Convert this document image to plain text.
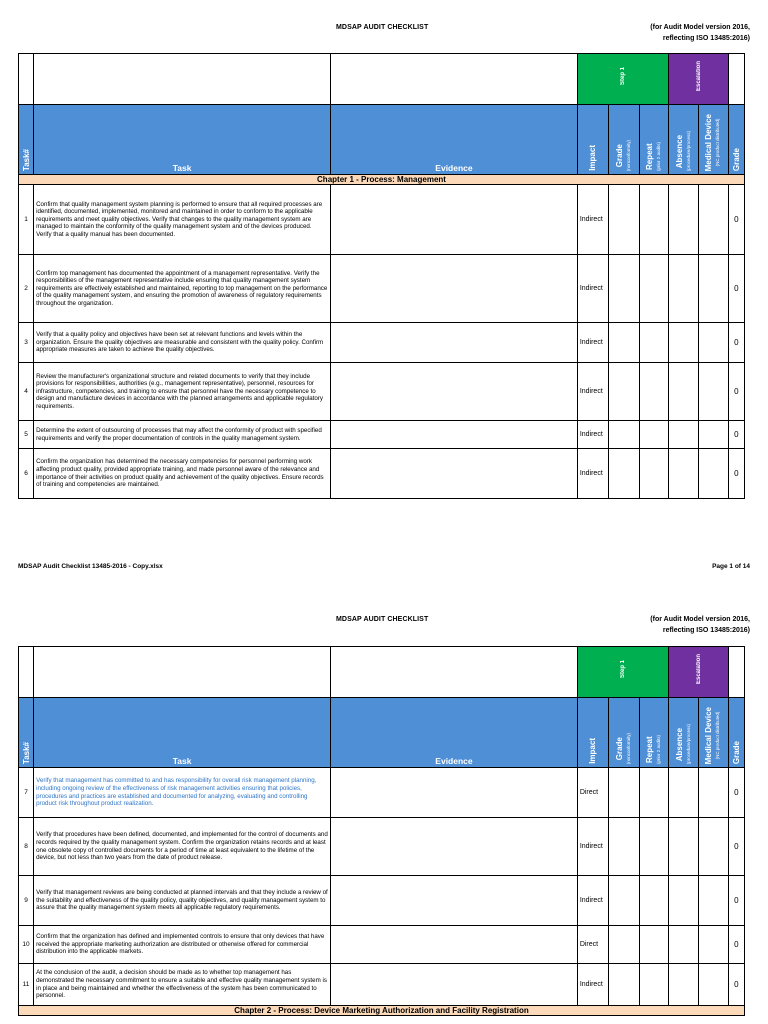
MDSAP AUDIT CHECKLIST	(for Audit Model version 2016,
reflecting ISO 13485:2016)
			Step 1			Escalation		
Task#	Task	Evidence	Impact	Grade (nonconformity)	Repeat (prior 2 audits)	Absence (procedure/process)	Medical Device (NC product distributed)	Grade
Chapter 1 - Process: Management								
1	Confirm that quality management system planning is performed to ensure that all required processes are identified, documented, implemented, monitored and maintained in order to conform to the applicable requirements and meet quality objectives. Verify that changes to the quality management system are managed to maintain the conformity of the quality management system and of the devices produced. Verify that a quality manual has been documented.		Indirect					0
2	Confirm top management has documented the appointment of a management representative. Verify the responsibilities of the management representative include ensuring that quality management system requirements are effectively established and maintained, reporting to top management on the performance of the quality management system, and ensuring the promotion of awareness of regulatory requirements throughout the organization.		Indirect					0
3	Verify that a quality policy and objectives have been set at relevant functions and levels within the organization. Ensure the quality objectives are measurable and consistent with the quality policy. Confirm appropriate measures are taken to achieve the quality objectives.		Indirect					0
4	Review the manufacturer's organizational structure and related documents to verify that they include provisions for responsibilities, authorities (e.g., management representative), personnel, resources for infrastructure, competencies, and training to ensure that personnel have the necessary competence to design and manufacture devices in accordance with the planned arrangements and applicable regulatory requirements.		Indirect					0
5	Determine the extent of outsourcing of processes that may affect the conformity of product with specified requirements and verify the proper documentation of controls in the quality management system.		Indirect					0
6	Confirm the organization has determined the necessary competencies for personnel performing work affecting product quality, provided appropriate training, and made personnel aware of the relevance and importance of their activities on product quality and achievement of the quality objectives. Ensure records of training and competencies are maintained.		Indirect					0
MDSAP Audit Checklist 13485-2016 - Copy.xlsx	Page 1 of 14
MDSAP AUDIT CHECKLIST	(for Audit Model version 2016,
reflecting ISO 13485:2016)
			Step 1			Escalation		
Task#	Task	Evidence	Impact	Grade (nonconformity)	Repeat (prior 2 audits)	Absence (procedure/process)	Medical Device (NC product distributed)	Grade
7	Verify that management has committed to and has responsibility for overall risk management planning, including ongoing review of the effectiveness of risk management activities ensuring that policies, procedures and practices are established and documented for analyzing, evaluating and controlling product risk throughout product realization.		Direct					0
8	Verify that procedures have been defined, documented, and implemented for the control of documents and records required by the quality management system. Confirm the organization retains records and at least one obsolete copy of controlled documents for a period of time at least equivalent to the lifetime of the device, but not less than two years from the date of product release.		Indirect					0
9	Verify that management reviews are being conducted at planned intervals and that they include a review of the suitability and effectiveness of the quality policy, quality objectives, and quality management system to assure that the quality management system meets all applicable regulatory requirements.		Indirect					0
10	Confirm that the organization has defined and implemented controls to ensure that only devices that have received the appropriate marketing authorization are distributed or otherwise offered for commercial distribution into the applicable markets.		Direct					0
11	At the conclusion of the audit, a decision should be made as to whether top management has demonstrated the necessary commitment to ensure a suitable and effective quality management system is in place and being maintained and whether the effectiveness of the system has been communicated to personnel.		Indirect					0
Chapter 2 - Process: Device Marketing Authorization and Facility Registration								
